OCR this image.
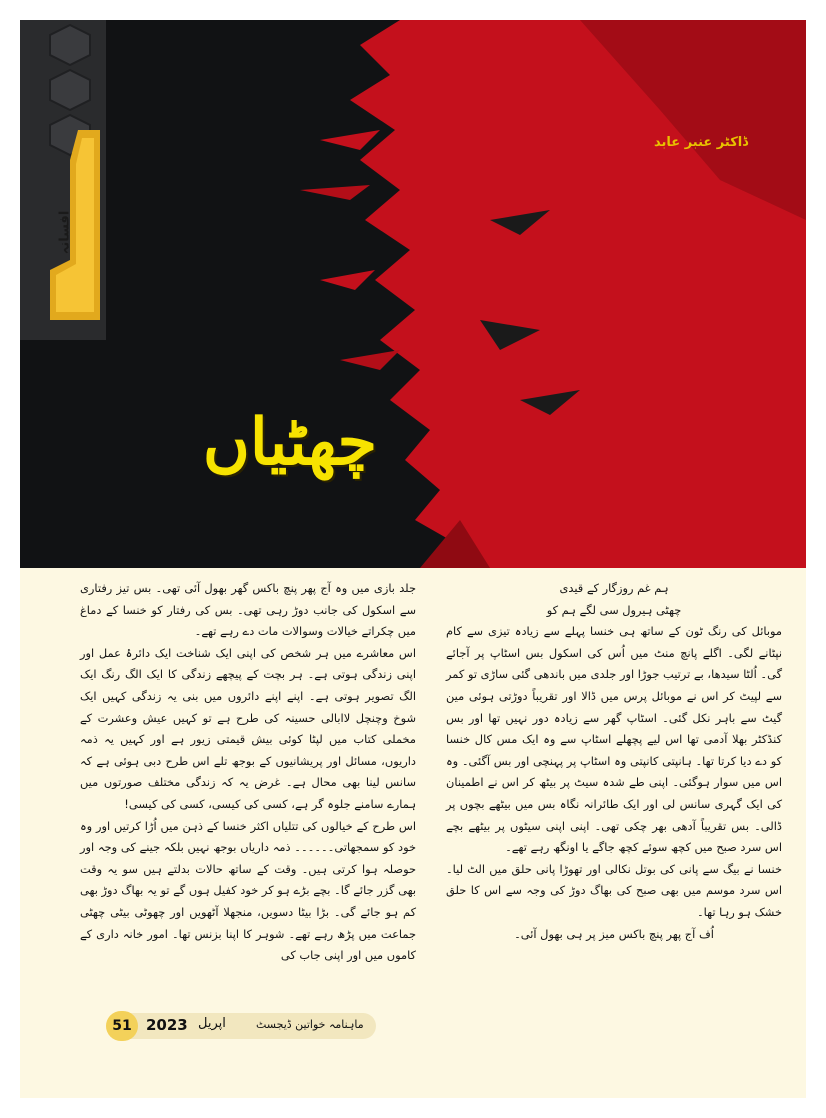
افسانہ
ڈاکٹر عنبر عابد
چھٹیاں

ہم غم روزگار کے قیدی

چھٹی ہیرول سی لگے ہم کو

موبائل کی رنگ ٹون کے ساتھ ہی خنسا پہلے سے زیادہ تیزی سے کام نپٹانے لگی۔ اگلے پانچ منٹ میں اُس کی اسکول بس اسٹاپ پر آجائے گی۔ اُلٹا سیدھا، بے ترتیب جوڑا اور جلدی میں باندھی گئی ساڑی تو کمر سے لپیٹ کر اس نے موبائل پرس میں ڈالا اور تقریباً دوڑتی ہوئی مین گیٹ سے باہر نکل گئی۔ اسٹاپ گھر سے زیادہ دور نہیں تھا اور بس کنڈکٹر بھلا آدمی تھا اس لیے پچھلے اسٹاپ سے وہ ایک مس کال خنسا کو دے دیا کرتا تھا۔ ہانپتی کانپتی وہ اسٹاپ پر پہنچی اور بس آگئی۔ وہ اس میں سوار ہوگئی۔ اپنی طے شدہ سیٹ پر بیٹھ کر اس نے اطمینان کی ایک گہری سانس لی اور ایک طائرانہ نگاہ بس میں بیٹھے بچوں پر ڈالی۔ بس تقریباً آدھی بھر چکی تھی۔ اپنی اپنی سیٹوں پر بیٹھے بچے اس سرد صبح میں کچھ سوئے کچھ جاگے یا اونگھ رہے تھے۔

خنسا نے بیگ سے پانی کی بوتل نکالی اور تھوڑا پانی حلق میں الٹ لیا۔ اس سرد موسم میں بھی صبح کی بھاگ دوڑ کی وجہ سے اس کا حلق خشک ہو رہا تھا۔

اُف آج پھر پنچ باکس میز پر ہی بھول آئی۔

جلد بازی میں وہ آج پھر پنچ باکس گھر بھول آئی تھی۔ بس تیز رفتاری سے اسکول کی جانب دوڑ رہی تھی۔ بس کی رفتار کو خنسا کے دماغ میں چکراتے خیالات وسوالات مات دے رہے تھے۔

اس معاشرے میں ہر شخص کی اپنی ایک شناخت ایک دائرۂ عمل اور اپنی زندگی ہوتی ہے۔ ہر بچت کے پیچھے زندگی کا ایک الگ رنگ ایک الگ تصویر ہوتی ہے۔ اپنے اپنے دائروں میں بنی یہ زندگی کہیں ایک شوخ وچنچل لاابالی حسینہ کی طرح ہے تو کہیں عیش وعشرت کے مخملی کتاب میں لپٹا کوئی بیش قیمتی زیور ہے اور کہیں یہ ذمہ داریوں، مسائل اور پریشانیوں کے بوجھ تلے اس طرح دبی ہوئی ہے کہ سانس لینا بھی محال ہے۔ غرض یہ کہ زندگی مختلف صورتوں میں ہمارے سامنے جلوہ گر ہے، کسی کی کیسی، کسی کی کیسی!

اس طرح کے خیالوں کی تتلیاں اکثر خنسا کے ذہن میں اُڑا کرتیں اور وہ خود کو سمجھاتی۔۔۔۔۔۔ ذمہ داریاں بوجھ نہیں بلکہ جینے کی وجہ اور حوصلہ ہوا کرتی ہیں۔ وقت کے ساتھ حالات بدلتے ہیں سو یہ وقت بھی گزر جائے گا۔ بچے بڑے ہو کر خود کفیل ہوں گے تو یہ بھاگ دوڑ بھی کم ہو جائے گی۔ بڑا بیٹا دسویں، منجھلا آٹھویں اور چھوٹی بیٹی چھٹی جماعت میں پڑھ رہے تھے۔ شوہر کا اپنا بزنس تھا۔ امور خانہ داری کے کاموں میں اور اپنی جاب کی

51 2023 اپریل	ماہنامہ خواتین ڈیجسٹ
